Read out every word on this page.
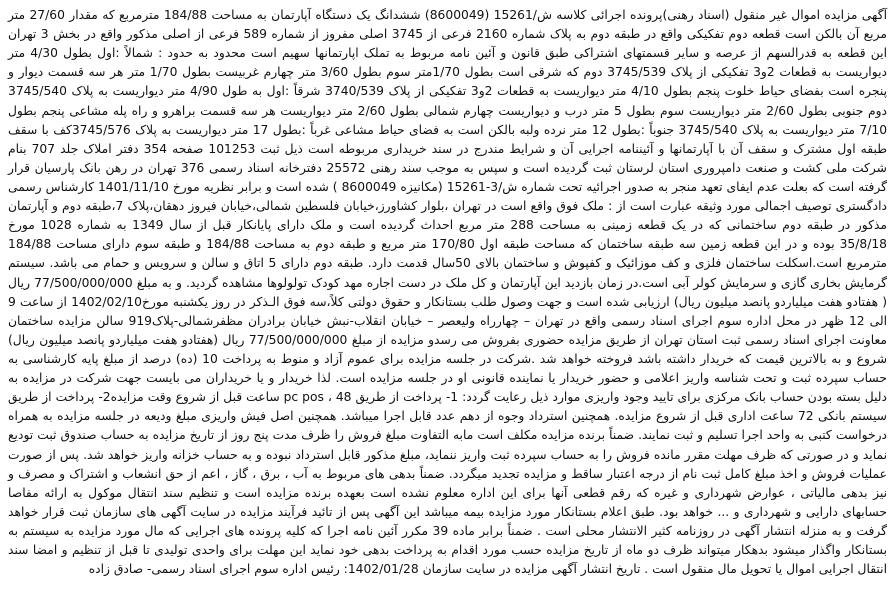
آگهی مزایده اموال غیر منقول (اسناد رهنی)پرونده اجرائی کلاسه ش/15261 (8600049) ششدانگ یک دستگاه آپارتمان به مساحت 184/88 مترمربع که مقدار 27/60 متر مربع آن بالکن است قطعه دوم تفکیکی واقع در طبقه دوم به پلاک شماره 2160 فرعی از 3745 اصلی مفروز از شماره 589 فرعی از اصلی مذکور واقع در بخش 3 تهران این قطعه به قدرالسهم از عرصه و سایر قسمتهای اشتراکی طبق قانون و آئین نامه مربوط به تملک اپارتمانها سهیم است محدود به حدود : شمالاً :اول بطول 4/30 متر دیواریست به قطعات 2و3 تفکیکی از پلاک 3745/539 دوم که شرقی است بطول 1/70متر سوم بطول 3/60 متر چهارم غربیست بطول 1/70 متر هر سه قسمت دیوار و پنجره است بفضای حیاط خلوت پنجم بطول 4/10 متر دیواریست به قطعات 2و3 تفکیکی از پلاک 3740/539 شرقاً :اول به طول 4/90 متر دیواریست به پلاک 3745/540 دوم جنوبی بطول 2/60 متر دیواریست سوم بطول 5 متر درب و دیواریست چهارم شمالی بطول 2/60 متر دیواریست هر سه قسمت براهرو و راه پله مشاعی پنجم بطول 7/10 متر دیواریست به پلاک 3745/540 جنوباً :بطول 12 متر نرده ولبه بالکن است به فضای حیاط مشاعی غرباً :بطول 17 متر دیواریست به پلاک 3745/576کف با سقف طبقه اول مشترک و سقف آن با آپارتمانها و آئیننامه اجرایی آن و شرایط مندرج در سند خریداری مربوطه است ذیل ثبت 101253 صفحه 354 دفتر املاک جلد 707 بنام شرکت ملی کشت و صنعت دامپروری استان لرستان ثبت گردیده است و سپس به موجب سند رهنی 25572 دفترخانه اسناد رسمی 376 تهران در رهن بانک پارسیان قرار گرفته است که بعلت عدم ایفای تعهد منجر به صدور اجرائیه تحت شماره ش/3-15261 (مکانیزه 8600049 ) شده است و برابر نظریه مورخ 1401/11/10 کارشناس رسمی دادگستری توصیف اجمالی مورد وثیقه عبارت است از : ملک فوق واقع است در تهران ،بلوار کشاورز،خیابان فلسطین شمالی،خیابان فیروز دهقان،پلاک 7،طبقه دوم و آپارتمان مذکور در طبقه دوم ساختمانی که در یک قطعه زمینی به مساحت 288 متر مربع احداث گردیده است و ملک دارای پایانکار قبل از سال 1349 به شماره 1028 مورخ 35/8/18 بوده و در این قطعه زمین سه طبقه ساختمان که مساحت طبقه اول 170/80 متر مربع و طبقه دوم به مساحت 184/88 و طبقه سوم دارای مساحت 184/88 مترمربع است.اسکلت ساختمان فلزی و کف موزائیک و کفپوش و ساختمان بالای 50سال قدمت دارد. طبقه دوم دارای 5 اتاق و سالن و سرویس و حمام می باشد. سیستم گرمایش بخاری گازی و سرمایش کولر آبی است.در زمان بازدید این آپارتمان و کل ملک در دست اجاره مهد کودک تولولوها مشاهده گردید. و به مبلغ 77/500/000/000 ریال ( هفتادو هفت میلیاردو پانصد میلیون ریال) ارزیابی شده است و جهت وصول طلب بستانکار و حقوق دولتی کلاً،سه فوق الـذکر در روز یکشنبه مورخ1402/02/10 از ساعت 9 الی 12 ظهر در محل اداره سوم اجرای اسناد رسمی واقع در تهران – چهارراه ولیعصر – خیابان انقلاب-نبش خیابان برادران مظفرشمالی-پلاک919 سالن مزایده ساختمان معاونت اجرای اسناد رسمی ثبت استان تهران از طریق مزایده حضوری بفروش می رسدو مزایده از مبلغ 77/500/000/000 ریال (هفتادو هفت میلیاردو پانصد میلیون ریال) شروع و به بالاترین قیمت که خریدار داشته باشد فروخته خواهد شد .شرکت در جلسه مزایده برای عموم آزاد و منوط به پرداخت 10 (ده) درصد از مبلغ پایه کارشناسی به حساب سپرده ثبت و تحت شناسه واریز اعلامی و حضور خریدار یا نماینده قانونی او در جلسه مزایده است. لذا خریدار و یا خریداران می بایست جهت شرکت در مزایده به دلیل بسته بودن حساب بانک مرکزی برای تایید وجود واریزی موارد ذیل رعایت گردد: 1- پرداخت از طریق pc pos ، 48 ساعت قبل از شروع وقت مزایده2- پرداخت از طریق سیستم بانکی 72 ساعت اداری قبل از شروع مزایده. همچنین استرداد وجوه از دهم عدد قابل اجرا میباشد. همچنین اصل فیش واریزی مبلغ ودیعه در جلسه مزایده به همراه درخواست کتبی به واحد اجرا تسلیم و ثبت نمایند. ضمناً برنده مزایده مکلف است مابه التفاوت مبلغ فروش را ظرف مدت پنج روز از تاریخ مزایده به حساب صندوق ثبت تودیع نماید و در صورتی که ظرف مهلت مقرر مانده فروش را به حساب سپرده ثبت واریز ننماید، مبلغ مذکور قابل استرداد نبوده و به حساب خزانه واریز خواهد شد. پس از صورت عملیات فروش و اخذ مبلغ کامل ثبت نام از درجه اعتبار ساقط و مزایده تجدید میگردد. ضمناً بدهی های مربوط به آب ، برق ، گاز ، اعم از حق انشعاب و اشتراک و مصرف و نیز بدهی مالیاتی ، عوارض شهرداری و غیره که رقم قطعی آنها برای این اداره معلوم نشده است بعهده برنده مزایده است و تنظیم سند انتقال موکول به ارائه مفاصا حسابهای دارایی و شهرداری و ... خواهد بود. طبق اعلام بستانکار مورد مزایده بیمه میباشد این آگهی پس از تائید فرآیند مزایده در سایت آگهی های سازمان ثبت قرار خواهد گرفت و به منزله انتشار آگهی در روزنامه کثیر الانتشار محلی است . ضمناً برابر ماده 39 مکرر آئین نامه اجرا که کلیه پرونده های اجرایی که مال مورد مزایده به سیستم به بستانکار واگذار میشود بدهکار میتواند ظرف دو ماه از تاریخ مزایده حسب مورد اقدام به پرداخت بدهی خود نماید این مهلت برای واحدی تولیدی تا قبل از تنظیم و امضا سند انتقال اجرایی اموال یا تحویل مال منقول است . تاریخ انتشار آگهی مزایده در سایت سازمان 1402/01/28: رئیس اداره سوم اجرای اسناد رسمی- صادق زاده
